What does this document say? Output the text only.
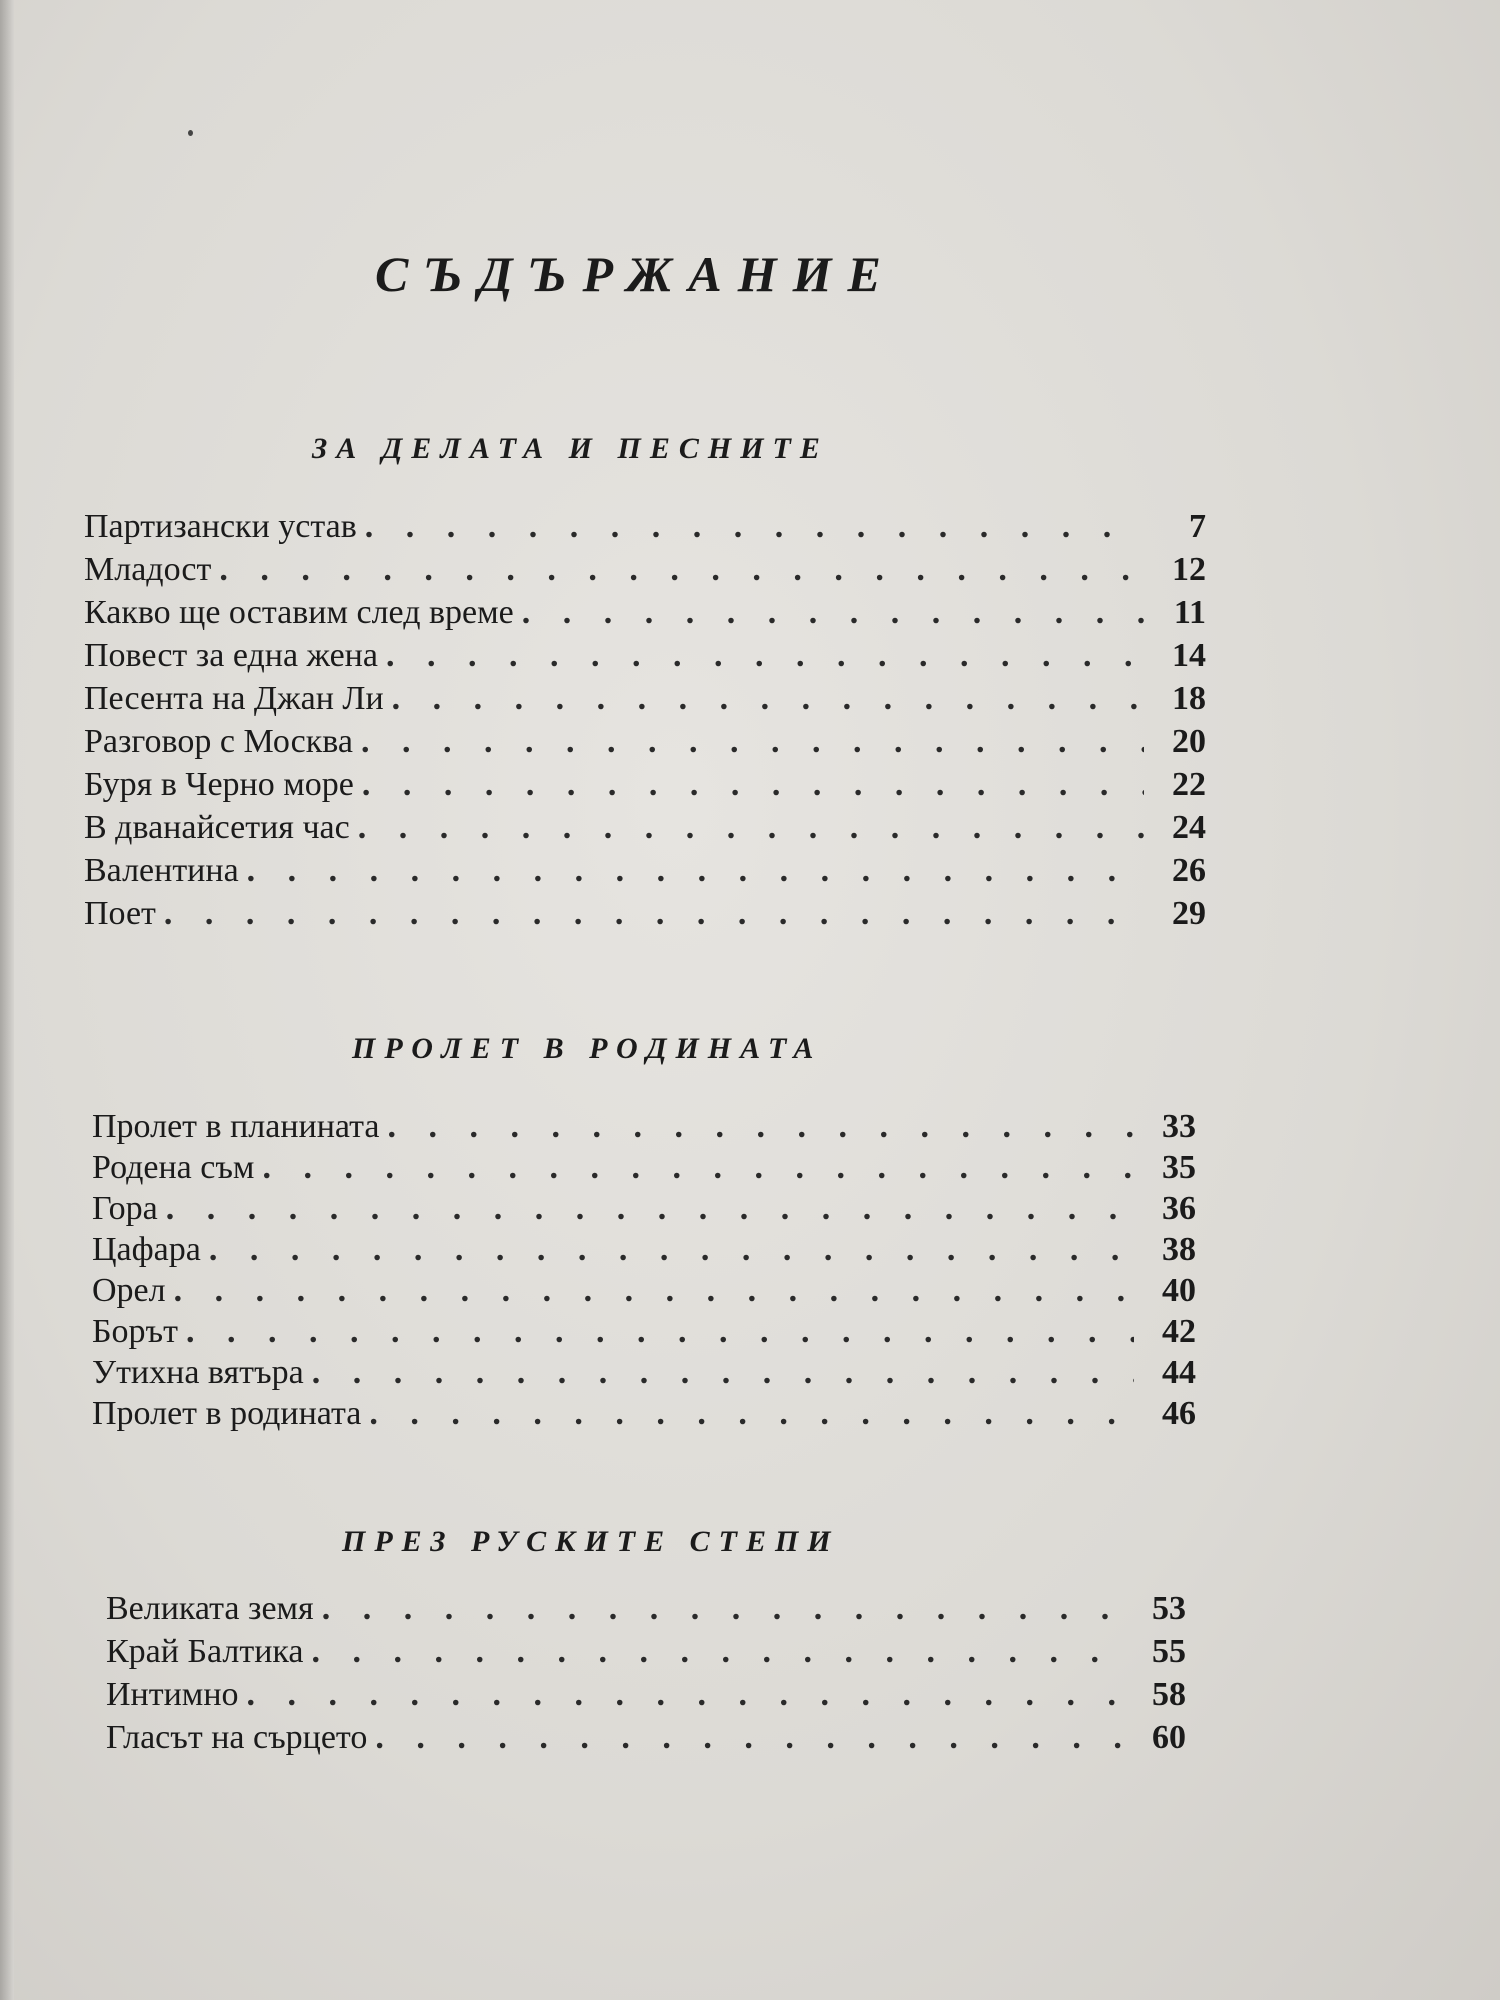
СЪДЪРЖАНИЕ
ЗА ДЕЛАТА И ПЕСНИТЕ
Партизански устав . . .	7
Младост . . .	12
Какво ще оставим след време . . .	11
Повест за една жена . . .	14
Песента на Джан Ли . . .	18
Разговор с Москва . . .	20
Буря в Черно море . . .	22
В дванайсетия час . . .	24
Валентина . . .	26
Поет . . .	29
ПРОЛЕТ В РОДИНАТА
Пролет в планината . . .	33
Родена съм . . .	35
Гора . . .	36
Цафара . . .	38
Орел . . .	40
Борът . . .	42
Утихна вятъра . . .	44
Пролет в родината . . .	46
ПРЕЗ РУСКИТЕ СТЕПИ
Великата земя . . .	53
Край Балтика . . .	55
Интимно . . .	58
Гласът на сърцето . . .	60
